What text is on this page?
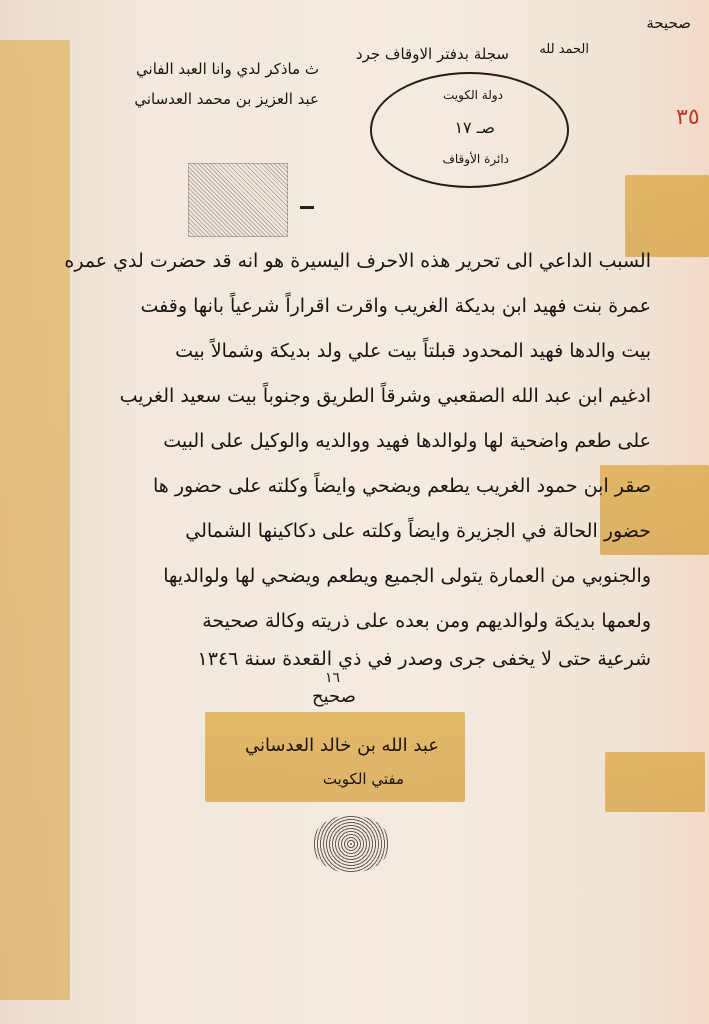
صحيحة
الحمد لله
سجلة بدفتر الاوقاف جرد
دولة الكويت
صـ ١٧
دائرة الأوقاف
ث ماذكر لدي وانا العبد الفاني
عبد العزيز بن محمد العدساني
٣٥
السبب الداعي الى تحرير هذه الاحرف اليسيرة هو انه قد حضرت لدي عمره
عمرة بنت فهيد ابن بديكة الغريب واقرت اقراراً شرعياً بانها وقفت
بيت والدها فهيد المحدود قبلتاً بيت علي ولد بديكة وشمالاً بيت
ادغيم ابن عبد الله الصقعبي وشرقاً الطريق وجنوباً بيت سعيد الغريب
على طعم واضحية لها ولوالدها فهيد ووالديه والوكيل على البيت
صقر ابن حمود الغريب يطعم ويضحي وايضاً وكلته على حضور ها
حضور الحالة في الجزيرة وايضاً وكلته على دكاكينها الشمالي
والجنوبي من العمارة يتولى الجميع ويطعم ويضحي لها ولوالديها
ولعمها بديكة ولوالديهم ومن بعده على ذريته وكالة صحيحة
شرعية حتى لا يخفى جرى وصدر في ذي القعدة سنة ١٣٤٦
١٦
صحيح
عبد الله بن خالد العدساني
مفتي الكويت
